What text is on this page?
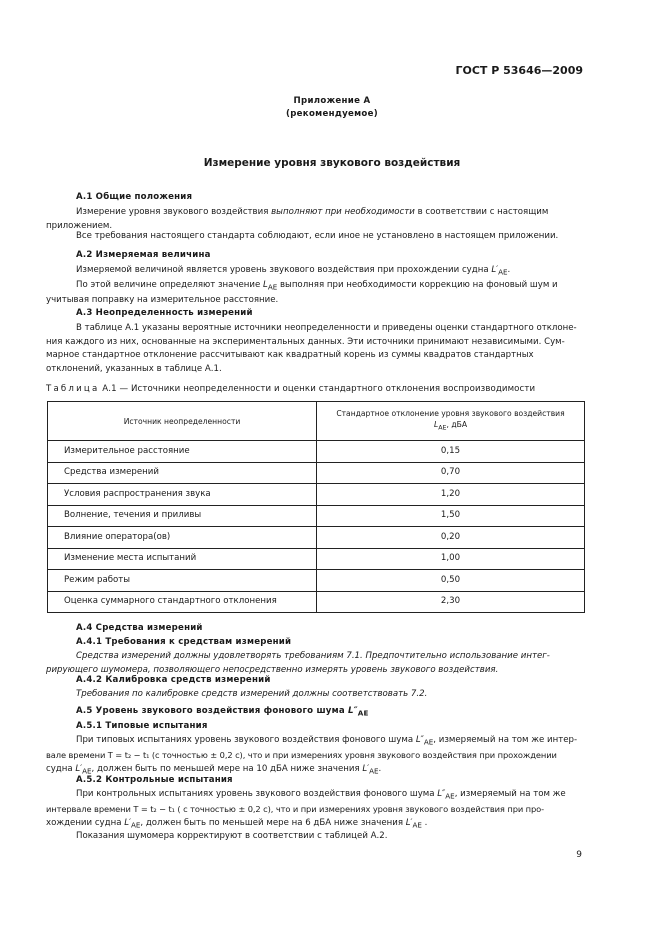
ГОСТ Р 53646—2009
Приложение А
(рекомендуемое)
Измерение уровня звукового воздействия
А.1 Общие положения
Измерение уровня звукового воздействия выполняют при необходимости в соответствии с настоящим
приложением.
Все требования настоящего стандарта соблюдают, если иное не установлено в настоящем приложении.
А.2 Измеряемая величина
Измеряемой величиной является уровень звукового воздействия при прохождении судна $L'_{AE}$.
По этой величине определяют значение $L_{AE}$ выполняя при необходимости коррекцию на фоновый шум и
учитывая поправку на измерительное расстояние.
А.3 Неопределенность измерений
В таблице А.1 указаны вероятные источники неопределенности и приведены оценки стандартного отклоне-
ния каждого из них, основанные на экспериментальных данных. Эти источники принимают независимыми. Сум-
марное стандартное отклонение рассчитывают как квадратный корень из суммы квадратов стандартных
отклонений, указанных в таблице А.1.
Таблица А.1 — Источники неопределенности и оценки стандартного отклонения воспроизводимости
Источник неопределенности	Стандартное отклонение уровня звукового воздействия
$L_{AE}$, дБА

Измерительное расстояние	0,15
Средства измерений	0,70
Условия распространения звука	1,20
Волнение, течения и приливы	1,50
Влияние оператора(ов)	0,20
Изменение места испытаний	1,00
Режим работы	0,50
Оценка суммарного стандартного отклонения	2,30
А.4 Средства измерений
А.4.1 Требования к средствам измерений
Средства измерений должны удовлетворять требованиям 7.1. Предпочтительно использование интег-
рирующего шумомера, позволяющего непосредственно измерять уровень звукового воздействия.
А.4.2 Калибровка средств измерений
Требования по калибровке средств измерений должны соответствовать 7.2.
А.5 Уровень звукового воздействия фонового шума $L''_{AE}$
А.5.1 Типовые испытания
При типовых испытаниях уровень звукового воздействия фонового шума $L''_{AE}$, измеряемый на том же интер-
вале времени T = t₂ − t₁ (с точностью ± 0,2 с), что и при измерениях уровня звукового воздействия при прохождении
судна $L'_{AE}$, должен быть по меньшей мере на 10 дБА ниже значения $L'_{AE}$.
А.5.2 Контрольные испытания
При контрольных испытаниях уровень звукового воздействия фонового шума $L''_{AE}$, измеряемый на том же
интервале времени T = t₂ − t₁ ( с точностью ± 0,2 с), что и при измерениях уровня звукового воздействия при про-
хождении судна $L'_{AE}$, должен быть по меньшей мере на 6 дБА ниже значения $L'_{AE}$ .
Показания шумомера корректируют в соответствии с таблицей А.2.
9
